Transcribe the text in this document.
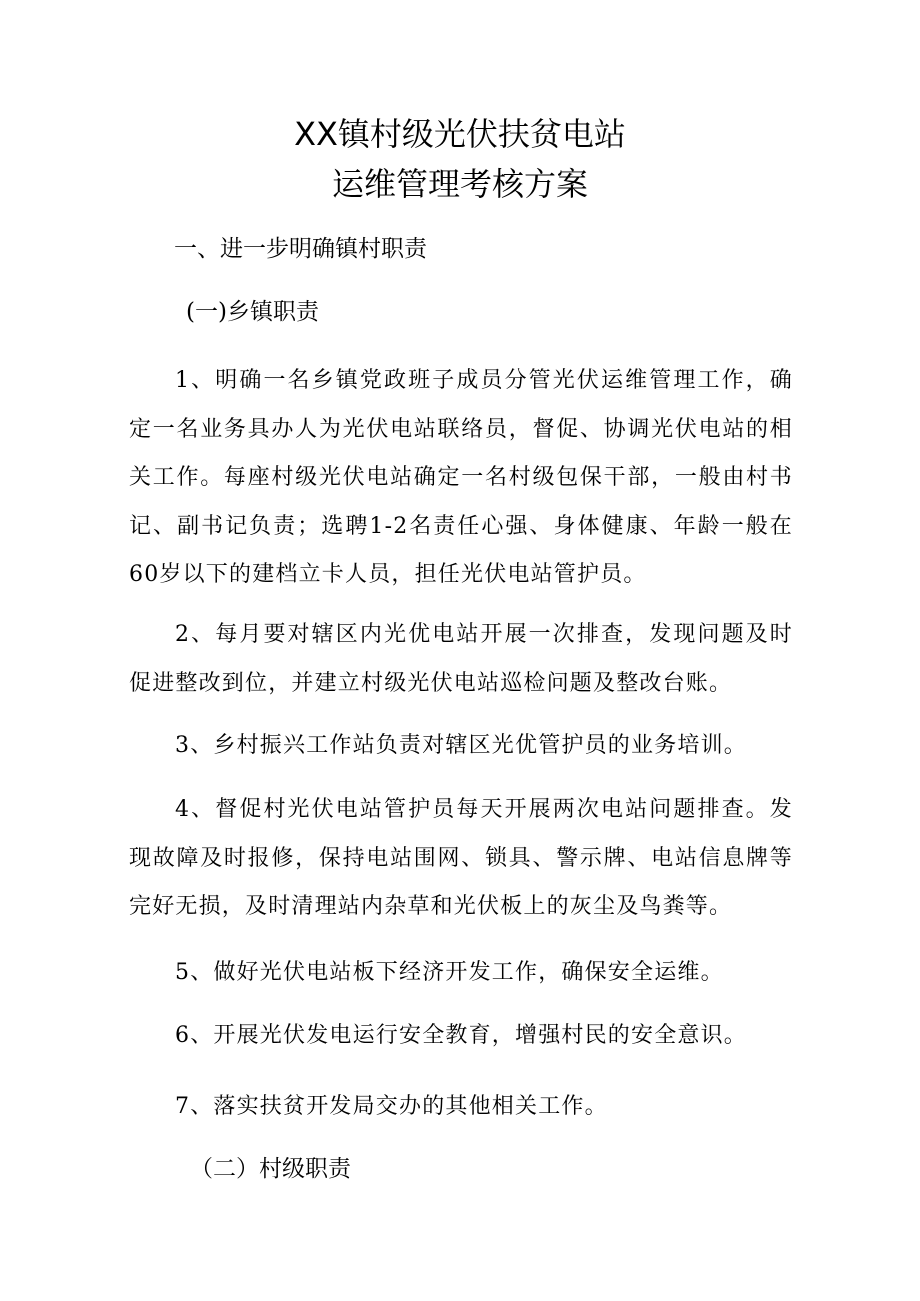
XX镇村级光伏扶贫电站
运维管理考核方案
一、进一步明确镇村职责
(一)乡镇职责

1、明确一名乡镇党政班子成员分管光伏运维管理工作，确定一名业务具办人为光伏电站联络员，督促、协调光伏电站的相关工作。每座村级光伏电站确定一名村级包保干部，一般由村书记、副书记负责；选聘1-2名责任心强、身体健康、年龄一般在60岁以下的建档立卡人员，担任光伏电站管护员。

2、每月要对辖区内光优电站开展一次排查，发现问题及时促进整改到位，并建立村级光伏电站巡检问题及整改台账。

3、乡村振兴工作站负责对辖区光优管护员的业务培训。

4、督促村光伏电站管护员每天开展两次电站问题排查。发现故障及时报修，保持电站围网、锁具、警示牌、电站信息牌等完好无损，及时清理站内杂草和光伏板上的灰尘及鸟粪等。

5、做好光伏电站板下经济开发工作，确保安全运维。

6、开展光伏发电运行安全教育，增强村民的安全意识。

7、落实扶贫开发局交办的其他相关工作。

（二）村级职责
